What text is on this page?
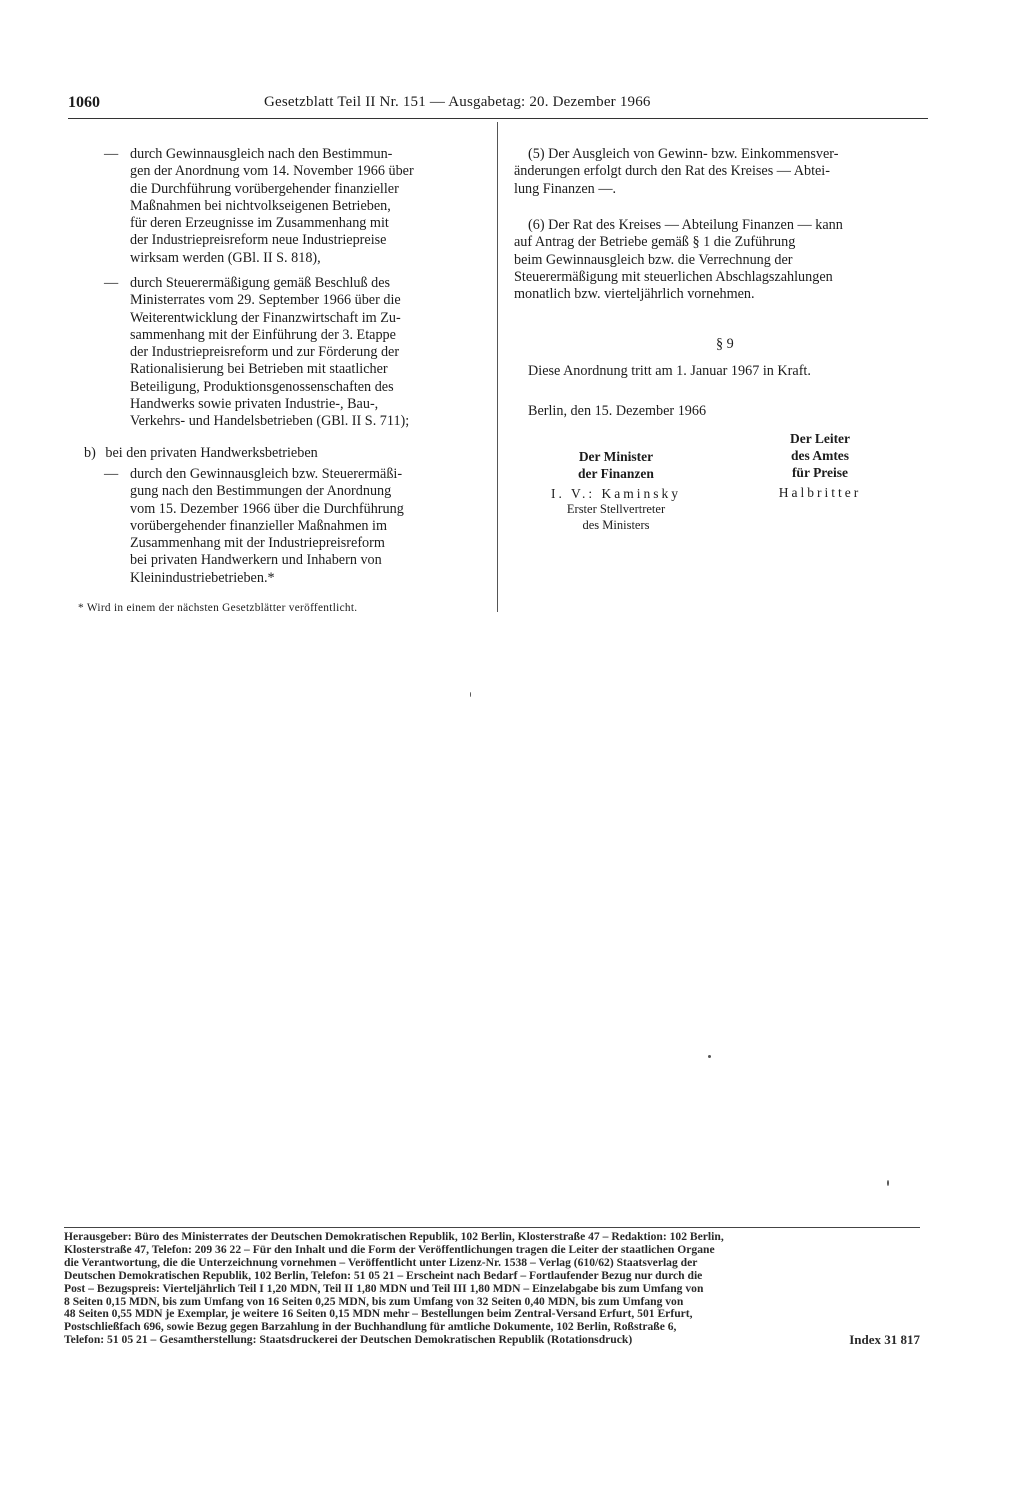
1060	Gesetzblatt Teil II Nr. 151 — Ausgabetag: 20. Dezember 1966
— durch Gewinnausgleich nach den Bestimmun-

gen der Anordnung vom 14. November 1966 über

die Durchführung vorübergehender finanzieller

Maßnahmen bei nichtvolkseigenen Betrieben,

für deren Erzeugnisse im Zusammenhang mit

der Industriepreisreform neue Industriepreise

wirksam werden (GBl. II S. 818),

— durch Steuerermäßigung gemäß Beschluß des

Ministerrates vom 29. September 1966 über die

Weiterentwicklung der Finanzwirtschaft im Zu-

sammenhang mit der Einführung der 3. Etappe

der Industriepreisreform und zur Förderung der

Rationalisierung bei Betrieben mit staatlicher

Beteiligung, Produktionsgenossenschaften des

Handwerks sowie privaten Industrie-, Bau-,

Verkehrs- und Handelsbetrieben (GBl. II S. 711);

b) bei den privaten Handwerksbetrieben
— durch den Gewinnausgleich bzw. Steuerermäßi-

gung nach den Bestimmungen der Anordnung

vom 15. Dezember 1966 über die Durchführung

vorübergehender finanzieller Maßnahmen im

Zusammenhang mit der Industriepreisreform

bei privaten Handwerkern und Inhabern von

Kleinindustriebetrieben.*

* Wird in einem der nächsten Gesetzblätter veröffentlicht.

(5) Der Ausgleich von Gewinn- bzw. Einkommensver-

änderungen erfolgt durch den Rat des Kreises — Abtei-

lung Finanzen —.

(6) Der Rat des Kreises — Abteilung Finanzen — kann

auf Antrag der Betriebe gemäß § 1 die Zuführung

beim Gewinnausgleich bzw. die Verrechnung der

Steuerermäßigung mit steuerlichen Abschlagszahlungen

monatlich bzw. vierteljährlich vornehmen.

§ 9
Diese Anordnung tritt am 1. Januar 1967 in Kraft.
Berlin, den 15. Dezember 1966
Der Minister
der Finanzen
I. V.: Kaminsky
Erster Stellvertreter
des Ministers
Der Leiter
des Amtes
für Preise
Halbritter
Herausgeber: Büro des Ministerrates der Deutschen Demokratischen Republik, 102 Berlin, Klosterstraße 47 – Redaktion: 102 Berlin,
Klosterstraße 47, Telefon: 209 36 22 – Für den Inhalt und die Form der Veröffentlichungen tragen die Leiter der staatlichen Organe
die Verantwortung, die die Unterzeichnung vornehmen – Veröffentlicht unter Lizenz-Nr. 1538 – Verlag (610/62) Staatsverlag der
Deutschen Demokratischen Republik, 102 Berlin, Telefon: 51 05 21 – Erscheint nach Bedarf – Fortlaufender Bezug nur durch die
Post – Bezugspreis: Vierteljährlich Teil I 1,20 MDN, Teil II 1,80 MDN und Teil III 1,80 MDN – Einzelabgabe bis zum Umfang von
8 Seiten 0,15 MDN, bis zum Umfang von 16 Seiten 0,25 MDN, bis zum Umfang von 32 Seiten 0,40 MDN, bis zum Umfang von
48 Seiten 0,55 MDN je Exemplar, je weitere 16 Seiten 0,15 MDN mehr – Bestellungen beim Zentral-Versand Erfurt, 501 Erfurt,
Postschließfach 696, sowie Bezug gegen Barzahlung in der Buchhandlung für amtliche Dokumente, 102 Berlin, Roßstraße 6,
Telefon: 51 05 21 – Gesamtherstellung: Staatsdruckerei der Deutschen Demokratischen Republik (Rotationsdruck)	Index 31 817
